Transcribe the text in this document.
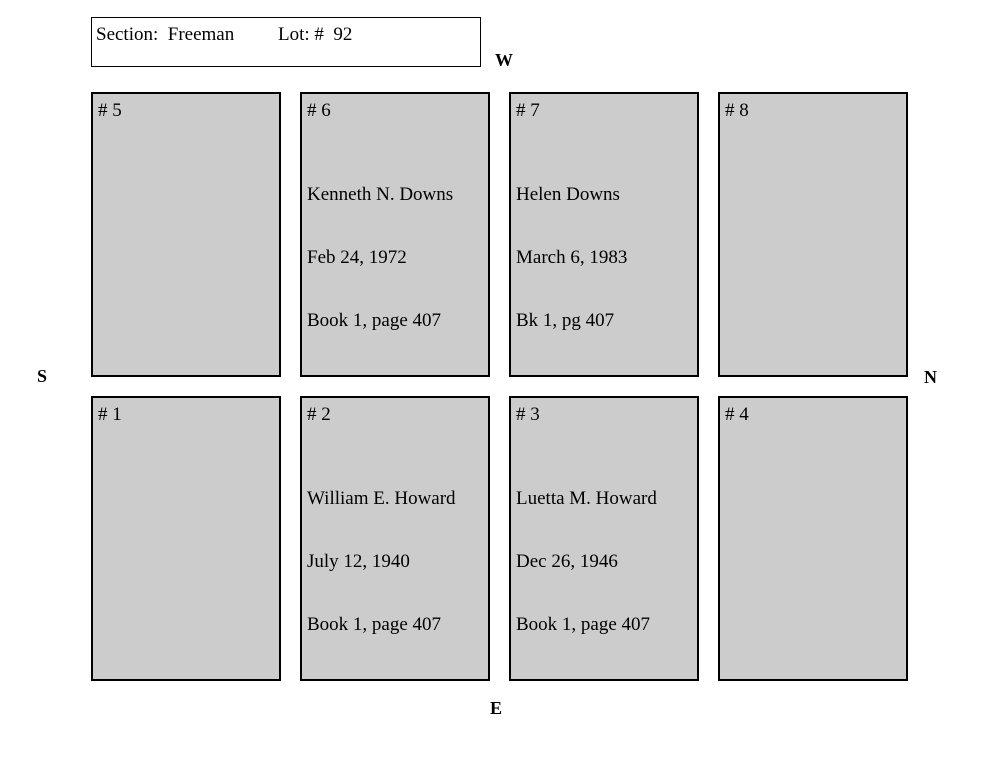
Section:  Freeman Lot: #  92
W
S	N
E
# 5

	# 6

Kenneth N. Downs

Feb 24, 1972

Book 1, page 407

# 7

Helen Downs

March 6, 1983

Bk 1, pg 407

# 8

# 1

	# 2

William E. Howard

July 12, 1940

Book 1, page 407

# 3

Luetta M. Howard

Dec 26, 1946

Book 1, page 407

# 4
